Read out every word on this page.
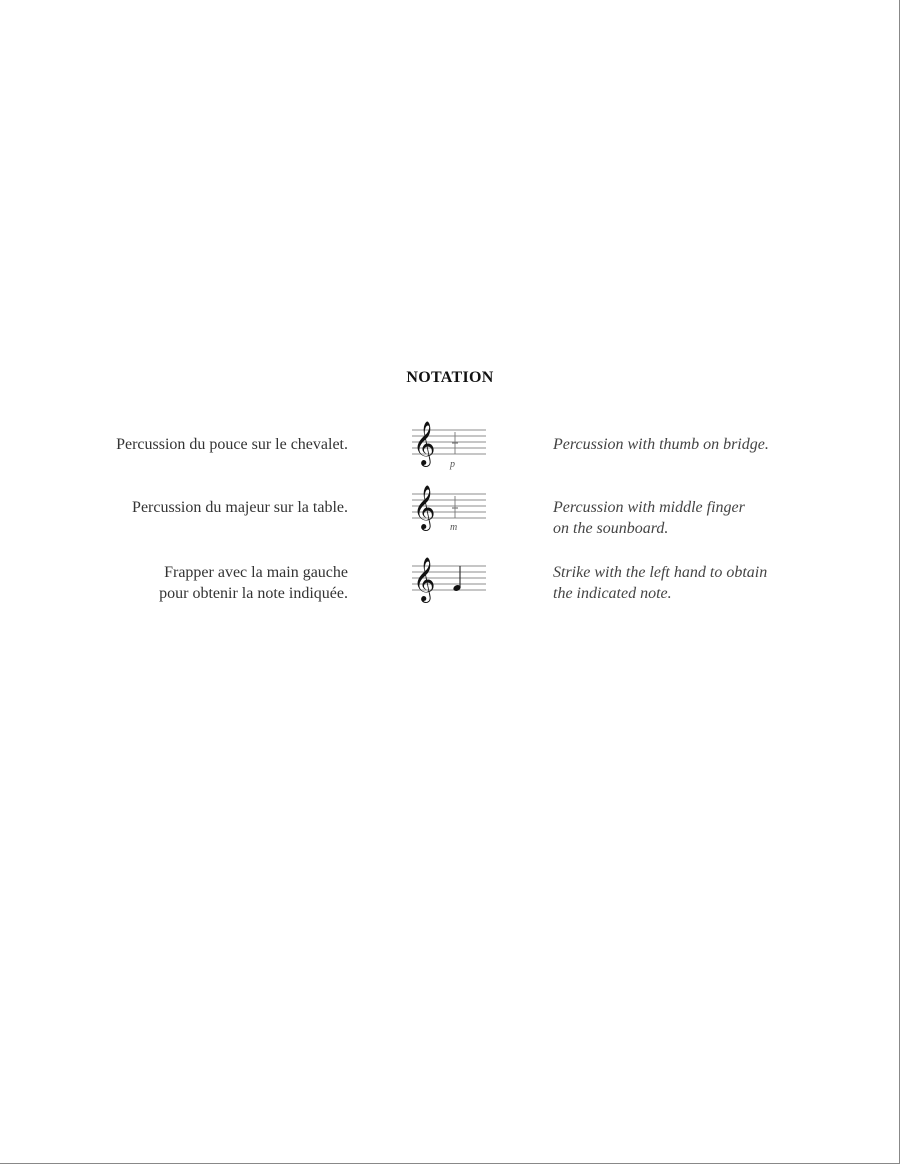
NOTATION
Percussion du pouce sur le chevalet. 𝄞 p
Percussion with thumb on bridge.
Percussion du majeur sur la table. 𝄞 m
Percussion with middle finger
on the sounboard.
Frapper avec la main gauche
pour obtenir la note indiquée. 𝄞	Strike with the left hand to obtain
the indicated note.
